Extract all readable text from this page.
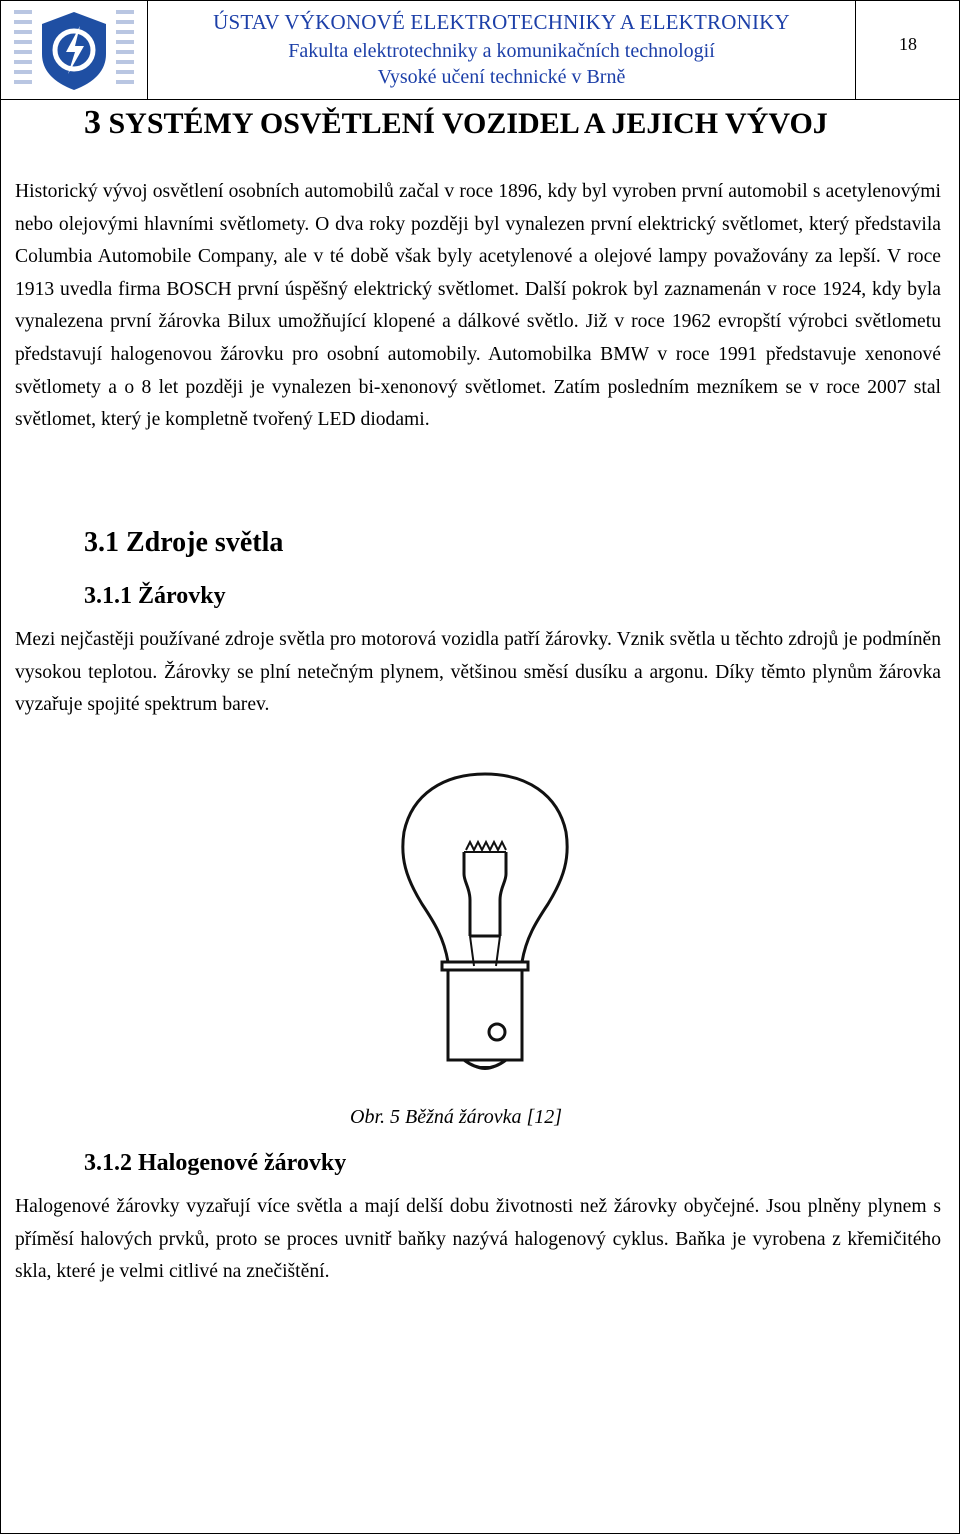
ÚSTAV VÝKONOVÉ ELEKTROTECHNIKY A ELEKTRONIKY
Fakulta elektrotechniky a komunikačních technologií
Vysoké učení technické v Brně
18
3 SYSTÉMY OSVĚTLENÍ VOZIDEL A JEJICH VÝVOJ

Historický vývoj osvětlení osobních automobilů začal v roce 1896, kdy byl vyroben první automobil s acetylenovými nebo olejovými hlavními světlomety. O dva roky později byl vynalezen první elektrický světlomet, který představila Columbia Automobile Company, ale v té době však byly acetylenové a olejové lampy považovány za lepší. V roce 1913 uvedla firma BOSCH první úspěšný elektrický světlomet. Další pokrok byl zaznamenán v roce 1924, kdy byla vynalezena první žárovka Bilux umožňující klopené a dálkové světlo. Již v roce 1962 evropští výrobci světlometu představují halogenovou žárovku pro osobní automobily. Automobilka BMW v roce 1991 představuje xenonové světlomety a o 8 let později je vynalezen bi-xenonový světlomet. Zatím posledním mezníkem se v roce 2007 stal světlomet, který je kompletně tvořený LED diodami.

3.1 Zdroje světla
3.1.1 Žárovky

Mezi nejčastěji používané zdroje světla pro motorová vozidla patří žárovky. Vznik světla u těchto zdrojů je podmíněn vysokou teplotou. Žárovky se plní netečným plynem, většinou směsí dusíku a argonu. Díky těmto plynům žárovka vyzařuje spojité spektrum barev.

Obr. 5 Běžná žárovka [12]
3.1.2 Halogenové žárovky

Halogenové žárovky vyzařují více světla a mají delší dobu životnosti než žárovky obyčejné. Jsou plněny plynem s příměsí halových prvků, proto se proces uvnitř baňky nazývá halogenový cyklus. Baňka je vyrobena z křemičitého skla, které je velmi citlivé na znečištění.
